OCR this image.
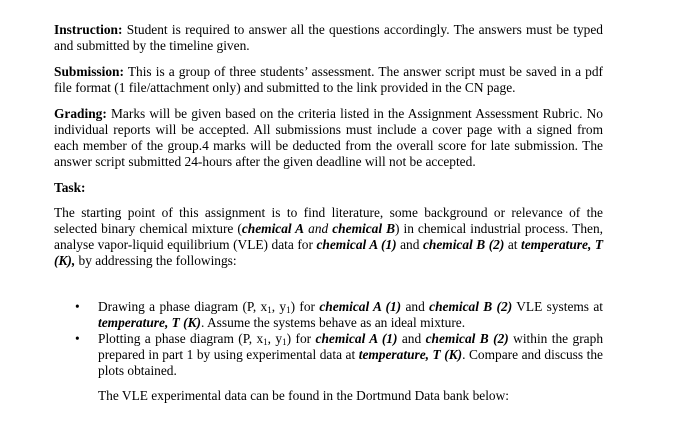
Instruction: Student is required to answer all the questions accordingly. The answers must be typed and submitted by the timeline given.

Submission: This is a group of three students’ assessment. The answer script must be saved in a pdf file format (1 file/attachment only) and submitted to the link provided in the CN page.

Grading: Marks will be given based on the criteria listed in the Assignment Assessment Rubric. No individual reports will be accepted. All submissions must include a cover page with a signed from each member of the group.4 marks will be deducted from the overall score for late submission. The answer script submitted 24-hours after the given deadline will not be accepted.

Task:

The starting point of this assignment is to find literature, some background or relevance of the selected binary chemical mixture (chemical A and chemical B) in chemical industrial process. Then, analyse vapor-liquid equilibrium (VLE) data for chemical A (1) and chemical B (2) at temperature, T (K), by addressing the followings:

• Drawing a phase diagram (P, $x_1$, $y_1$) for chemical A (1) and chemical B (2) VLE systems at temperature, T (K). Assume the systems behave as an ideal mixture.
• Plotting a phase diagram (P, $x_1$, $y_1$) for chemical A (1) and chemical B (2) within the graph prepared in part 1 by using experimental data at temperature, T (K). Compare and discuss the plots obtained.

The VLE experimental data can be found in the Dortmund Data bank below:
